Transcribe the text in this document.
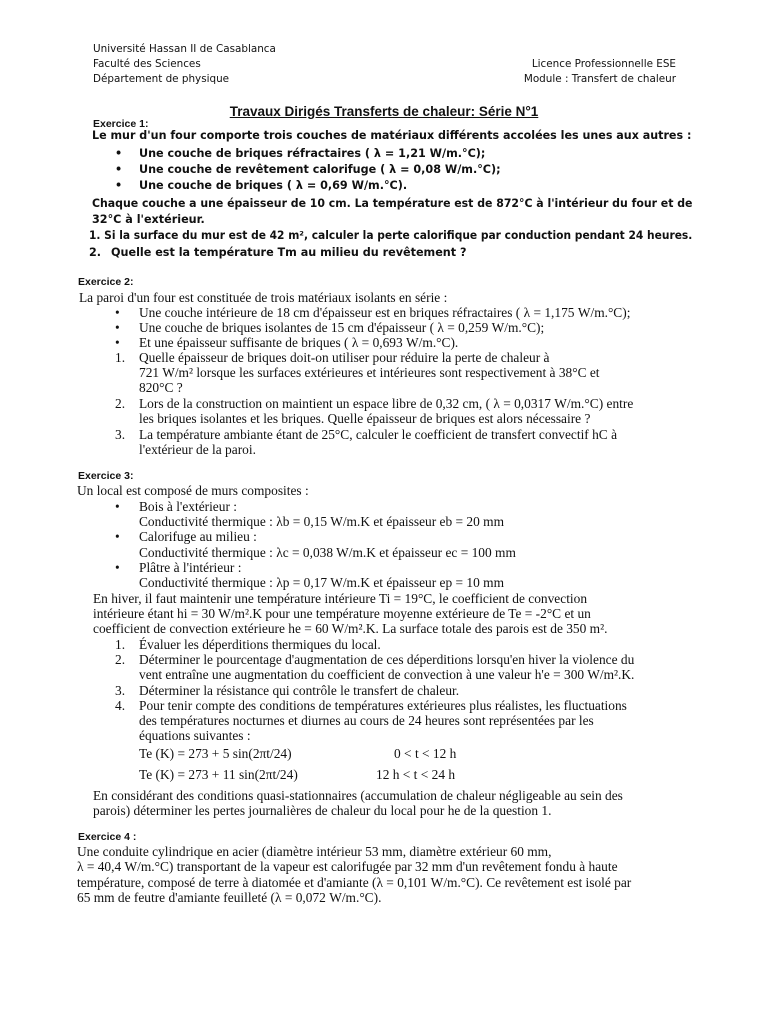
Université Hassan II de Casablanca
Faculté des Sciences
Département de physique
Licence Professionnelle ESE
Module : Transfert de chaleur
Travaux Dirigés Transferts de chaleur: Série N°1
Exercice 1:
Le mur d'un four comporte trois couches de matériaux différents accolées les unes aux autres :
• Une couche de briques réfractaires ( λ = 1,21 W/m.°C);
• Une couche de revêtement calorifuge ( λ = 0,08 W/m.°C);
• Une couche de briques ( λ = 0,69 W/m.°C).
Chaque couche a une épaisseur de 10 cm. La température est de 872°C à l'intérieur du four et de
32°C à l'extérieur.
1. Si la surface du mur est de 42 m², calculer la perte calorifique par conduction pendant 24 heures.
2. Quelle est la température Tm au milieu du revêtement ?
Exercice 2:
La paroi d'un four est constituée de trois matériaux isolants en série :
• Une couche intérieure de 18 cm d'épaisseur est en briques réfractaires ( λ = 1,175 W/m.°C);
• Une couche de briques isolantes de 15 cm d'épaisseur ( λ = 0,259 W/m.°C);
• Et une épaisseur suffisante de briques ( λ = 0,693 W/m.°C).
1. Quelle épaisseur de briques doit-on utiliser pour réduire la perte de chaleur à
721 W/m² lorsque les surfaces extérieures et intérieures sont respectivement à 38°C et
820°C ?
2. Lors de la construction on maintient un espace libre de 0,32 cm, ( λ = 0,0317 W/m.°C) entre
les briques isolantes et les briques. Quelle épaisseur de briques est alors nécessaire ?
3. La température ambiante étant de 25°C, calculer le coefficient de transfert convectif hC à
l'extérieur de la paroi.
Exercice 3:
Un local est composé de murs composites :
• Bois à l'extérieur :
Conductivité thermique : λb = 0,15 W/m.K et épaisseur eb = 20 mm
• Calorifuge au milieu :
Conductivité thermique : λc = 0,038 W/m.K et épaisseur ec = 100 mm
• Plâtre à l'intérieur :
Conductivité thermique : λp = 0,17 W/m.K et épaisseur ep = 10 mm
En hiver, il faut maintenir une température intérieure Ti = 19°C, le coefficient de convection
intérieure étant hi = 30 W/m².K pour une température moyenne extérieure de Te = -2°C et un
coefficient de convection extérieure he = 60 W/m².K. La surface totale des parois est de 350 m².
1. Évaluer les déperditions thermiques du local.
2. Déterminer le pourcentage d'augmentation de ces déperditions lorsqu'en hiver la violence du
vent entraîne une augmentation du coefficient de convection à une valeur h'e = 300 W/m².K.
3. Déterminer la résistance qui contrôle le transfert de chaleur.
4. Pour tenir compte des conditions de températures extérieures plus réalistes, les fluctuations
des températures nocturnes et diurnes au cours de 24 heures sont représentées par les
équations suivantes :
Te (K) = 273 + 5 sin(2πt/24)	0 < t < 12 h
Te (K) = 273 + 11 sin(2πt/24)	12 h < t < 24 h
En considérant des conditions quasi-stationnaires (accumulation de chaleur négligeable au sein des
parois) déterminer les pertes journalières de chaleur du local pour he de la question 1.
Exercice 4 :
Une conduite cylindrique en acier (diamètre intérieur 53 mm, diamètre extérieur 60 mm,
λ = 40,4 W/m.°C) transportant de la vapeur est calorifugée par 32 mm d'un revêtement fondu à haute
température, composé de terre à diatomée et d'amiante (λ = 0,101 W/m.°C). Ce revêtement est isolé par
65 mm de feutre d'amiante feuilleté (λ = 0,072 W/m.°C).
